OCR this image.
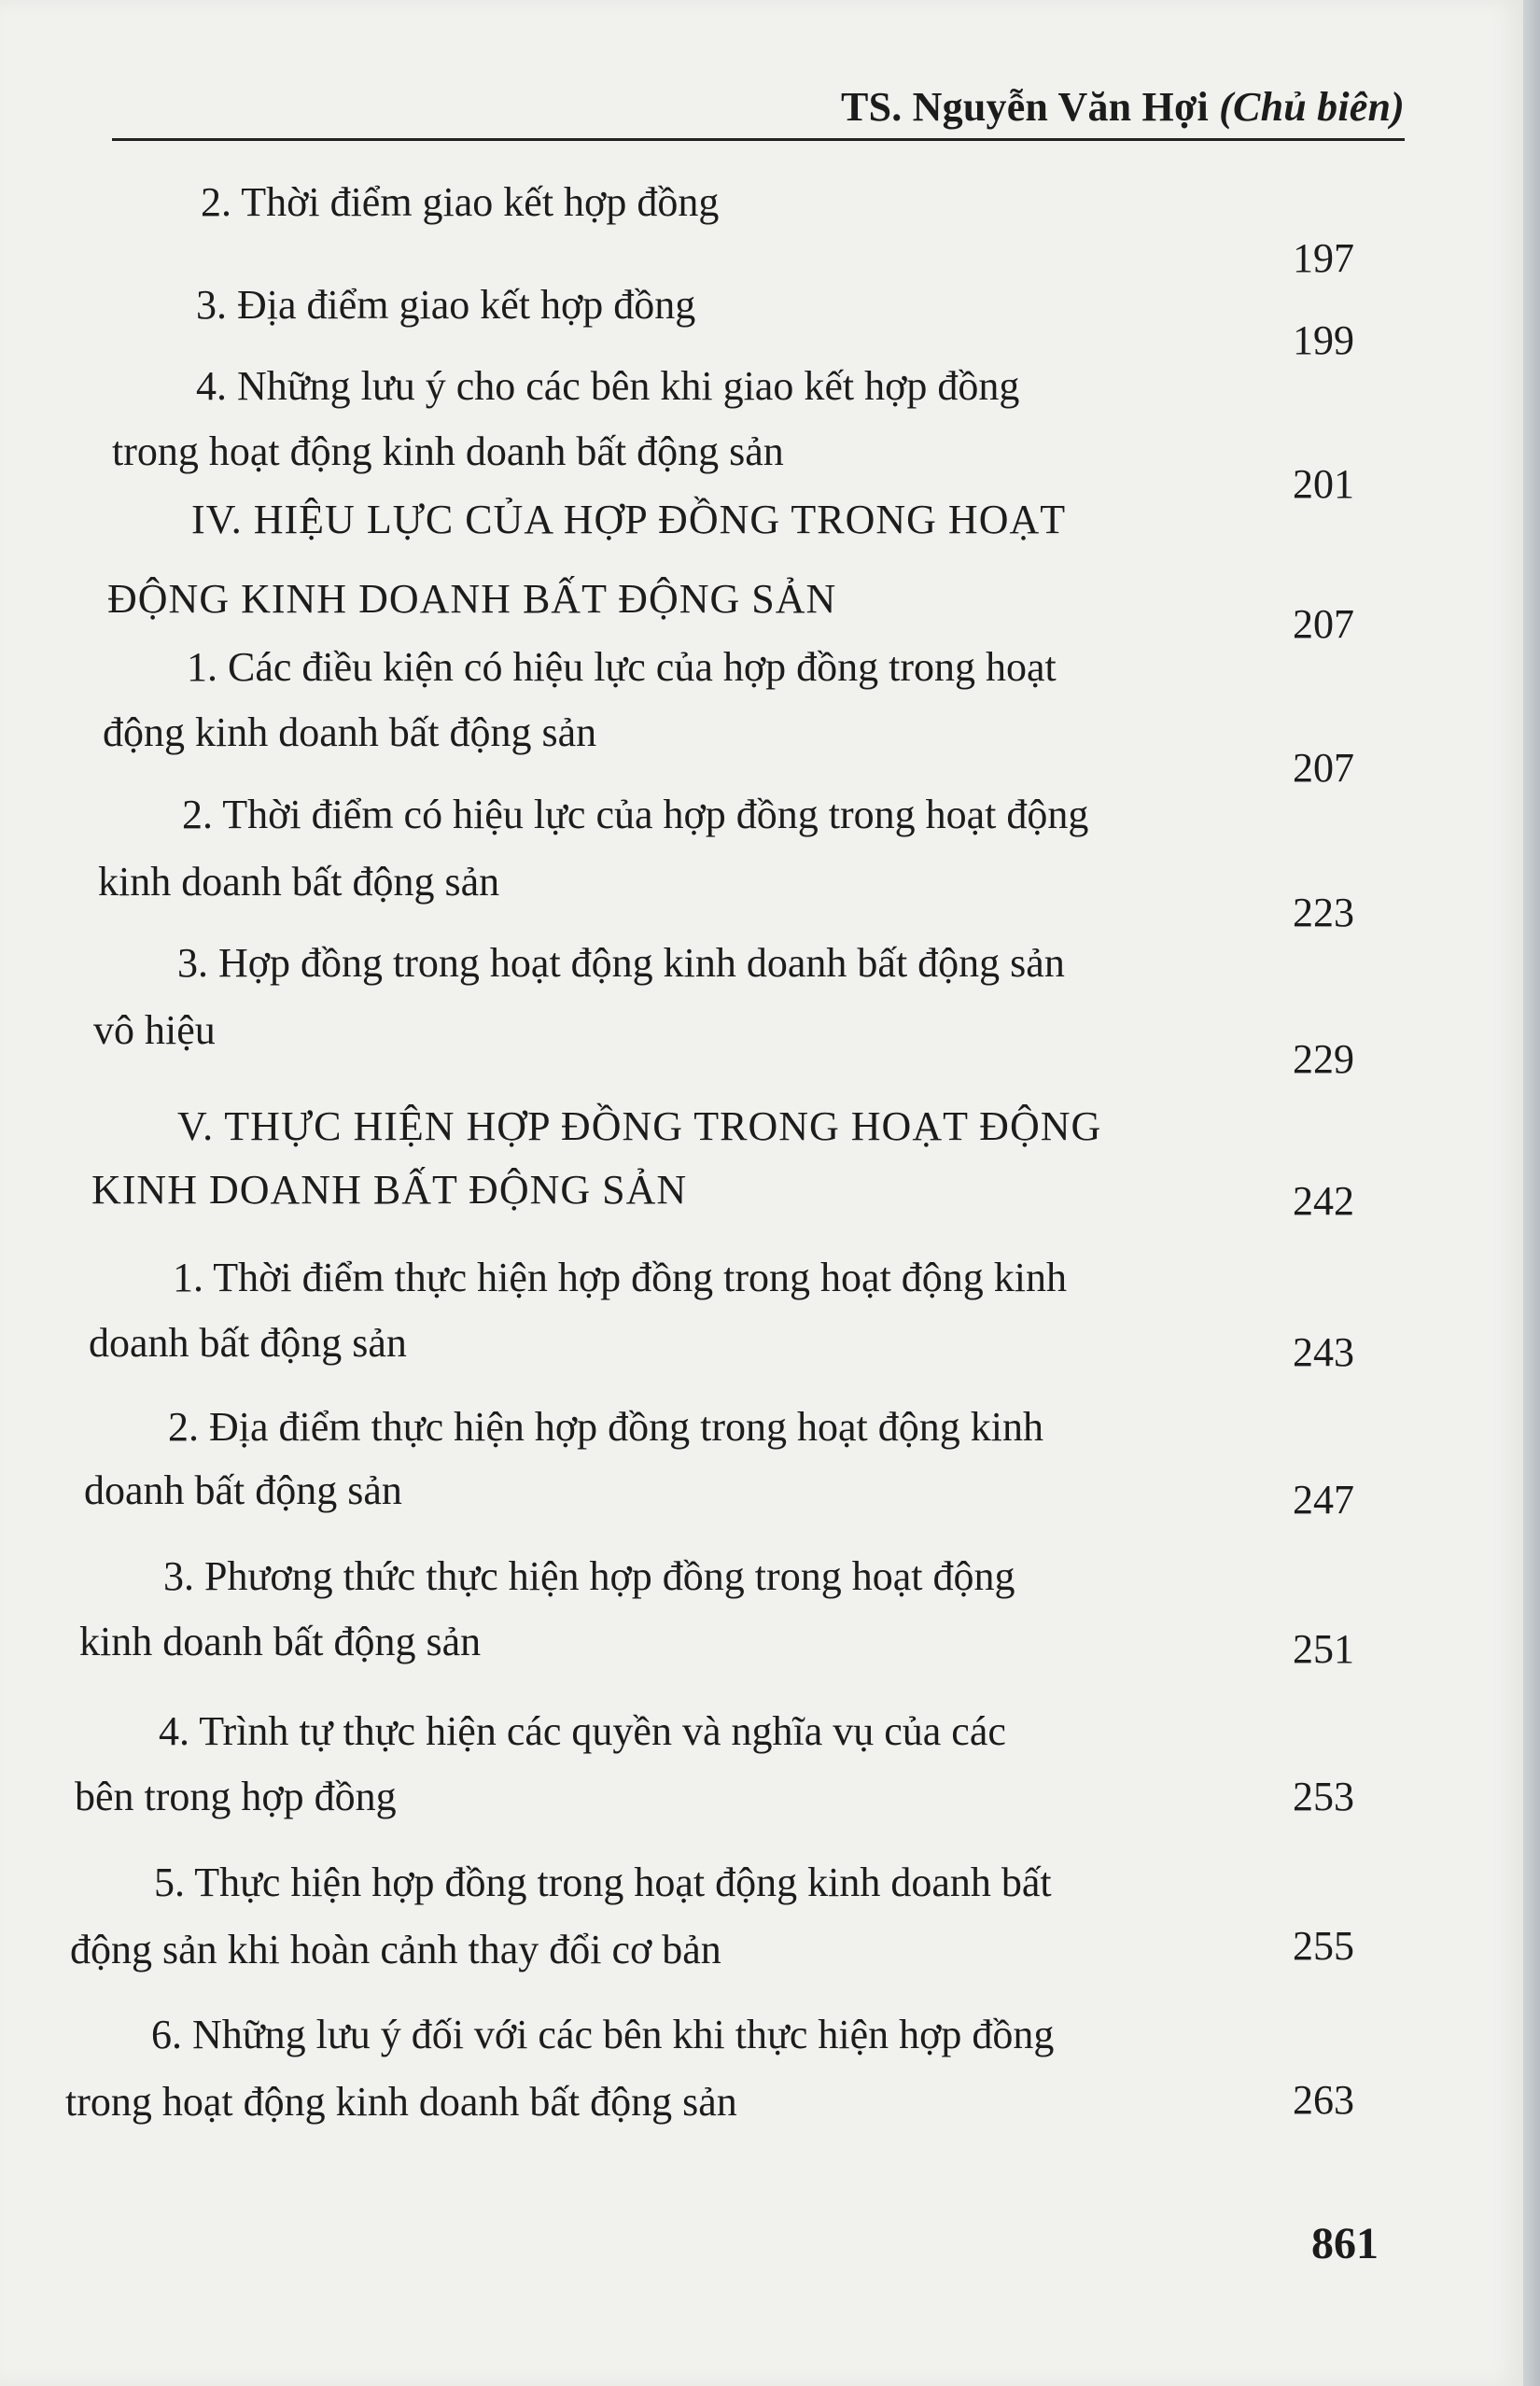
TS. Nguyễn Văn Hợi (Chủ biên)
2. Thời điểm giao kết hợp đồng
197
3. Địa điểm giao kết hợp đồng
199
4. Những lưu ý cho các bên khi giao kết hợp đồng
trong hoạt động kinh doanh bất động sản
201
IV. HIỆU LỰC CỦA HỢP ĐỒNG TRONG HOẠT
ĐỘNG KINH DOANH BẤT ĐỘNG SẢN
207
1. Các điều kiện có hiệu lực của hợp đồng trong hoạt
động kinh doanh bất động sản
207
2. Thời điểm có hiệu lực của hợp đồng trong hoạt động
kinh doanh bất động sản
223
3. Hợp đồng trong hoạt động kinh doanh bất động sản
vô hiệu
229
V. THỰC HIỆN HỢP ĐỒNG TRONG HOẠT ĐỘNG
KINH DOANH BẤT ĐỘNG SẢN	242
1. Thời điểm thực hiện hợp đồng trong hoạt động kinh
doanh bất động sản	243
2. Địa điểm thực hiện hợp đồng trong hoạt động kinh
doanh bất động sản	247
3. Phương thức thực hiện hợp đồng trong hoạt động
kinh doanh bất động sản	251
4. Trình tự thực hiện các quyền và nghĩa vụ của các
bên trong hợp đồng	253
5. Thực hiện hợp đồng trong hoạt động kinh doanh bất
động sản khi hoàn cảnh thay đổi cơ bản	255
6. Những lưu ý đối với các bên khi thực hiện hợp đồng
trong hoạt động kinh doanh bất động sản	263
861
